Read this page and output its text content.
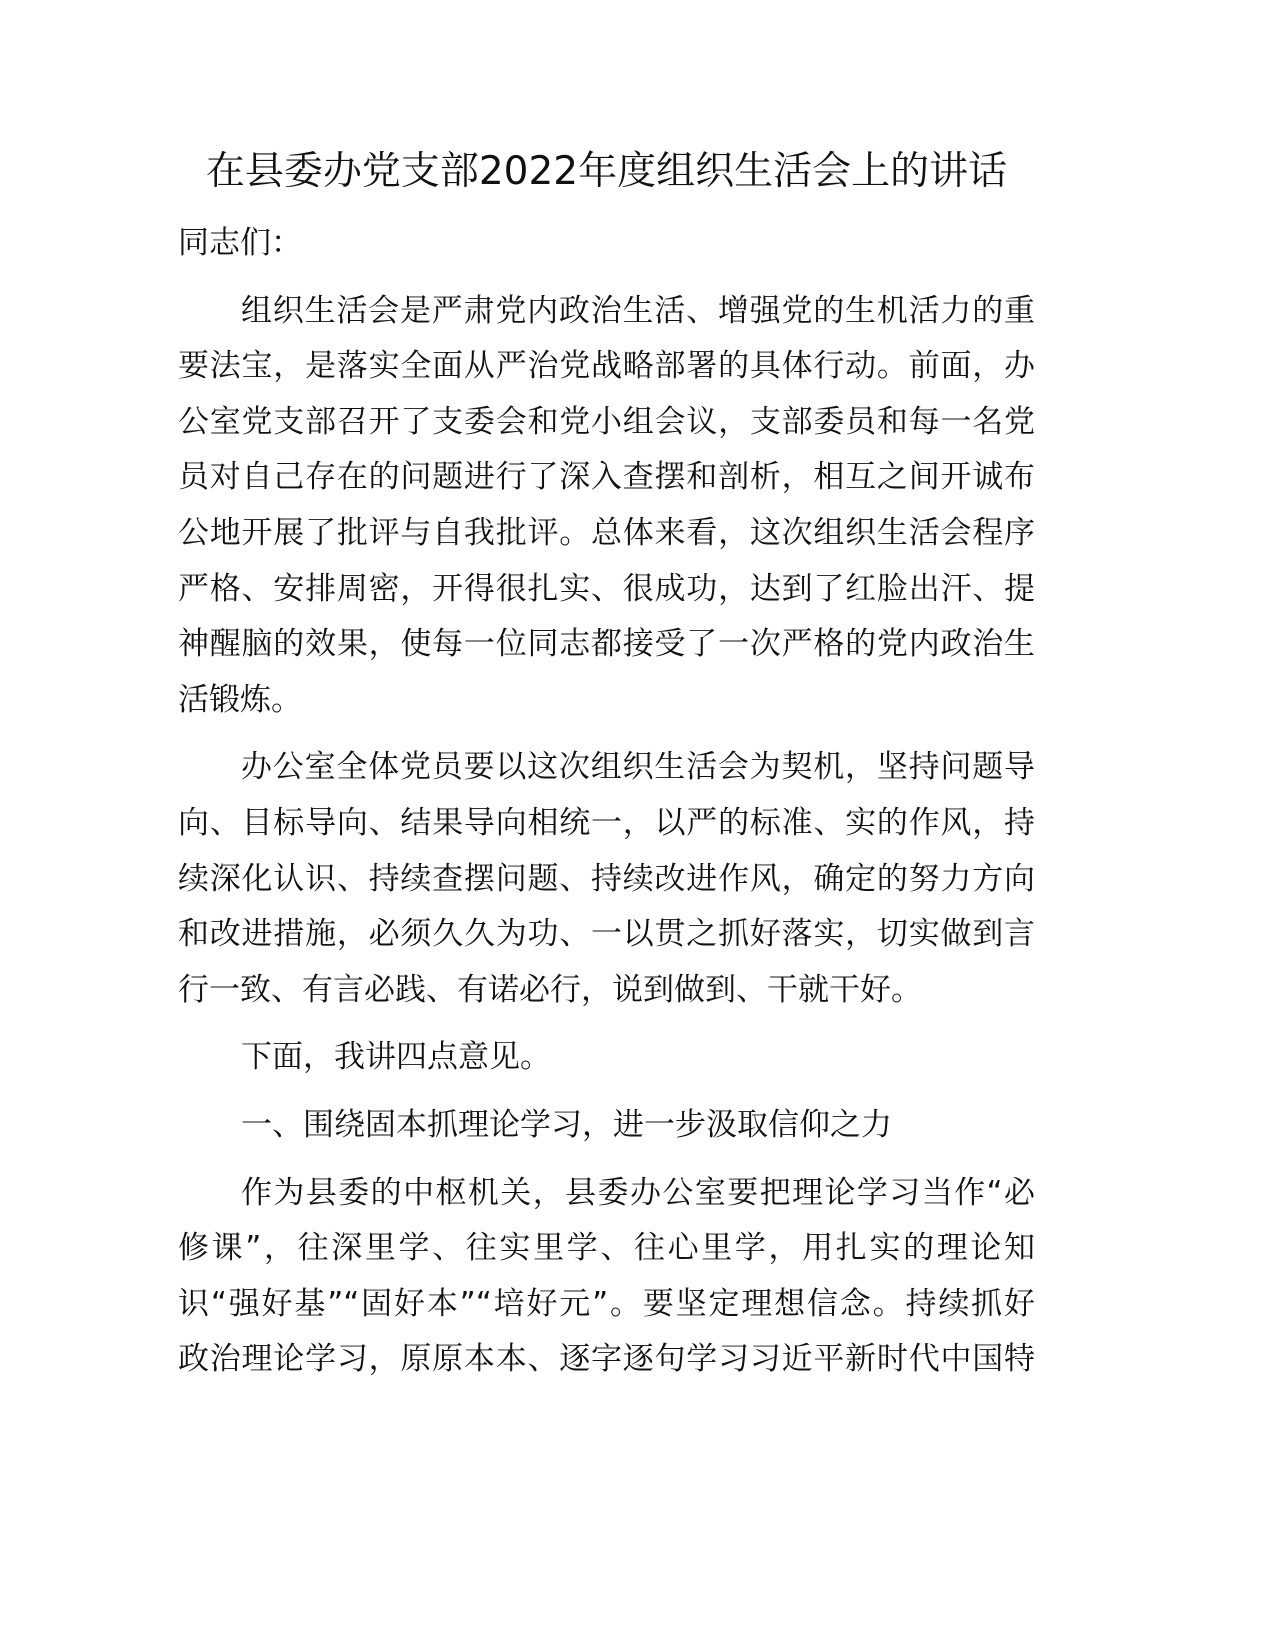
在县委办党支部2022年度组织生活会上的讲话
同志们：
组织生活会是严肃党内政治生活、增强党的生机活力的重
要法宝，是落实全面从严治党战略部署的具体行动。前面，办
公室党支部召开了支委会和党小组会议，支部委员和每一名党
员对自己存在的问题进行了深入查摆和剖析，相互之间开诚布
公地开展了批评与自我批评。总体来看，这次组织生活会程序
严格、安排周密，开得很扎实、很成功，达到了红脸出汗、提
神醒脑的效果，使每一位同志都接受了一次严格的党内政治生
活锻炼。
办公室全体党员要以这次组织生活会为契机，坚持问题导
向、目标导向、结果导向相统一，以严的标准、实的作风，持
续深化认识、持续查摆问题、持续改进作风，确定的努力方向
和改进措施，必须久久为功、一以贯之抓好落实，切实做到言
行一致、有言必践、有诺必行，说到做到、干就干好。
下面，我讲四点意见。
一、围绕固本抓理论学习，进一步汲取信仰之力
作为县委的中枢机关，县委办公室要把理论学习当作“必
修课”，往深里学、往实里学、往心里学，用扎实的理论知
识“强好基”“固好本”“培好元”。要坚定理想信念。持续抓好
政治理论学习，原原本本、逐字逐句学习习近平新时代中国特
